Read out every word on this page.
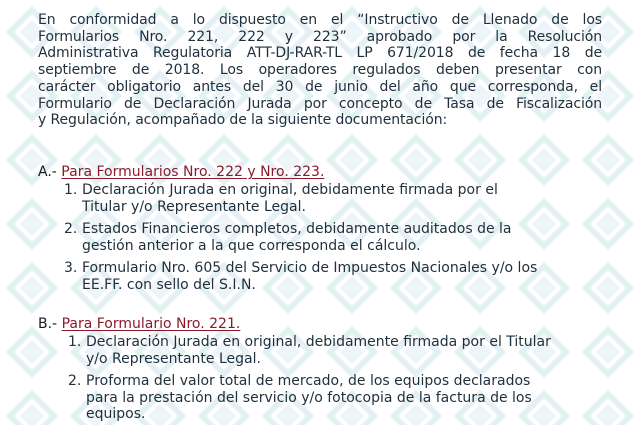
En conformidad a lo dispuesto en el “Instructivo de Llenado de los
Formularios Nro. 221, 222 y 223” aprobado por la Resolución
Administrativa Regulatoria ATT-DJ-RAR-TL LP 671/2018 de fecha 18 de
septiembre de 2018. Los operadores regulados deben presentar con
carácter obligatorio antes del 30 de junio del año que corresponda, el
Formulario de Declaración Jurada por concepto de Tasa de Fiscalización
y Regulación, acompañado de la siguiente documentación:

A.- Para Formularios Nro. 222 y Nro. 223.

1. Declaración Jurada en original, debidamente firmada por el
Titular y/o Representante Legal.
2. Estados Financieros completos, debidamente auditados de la
gestión anterior a la que corresponda el cálculo.
3. Formulario Nro. 605 del Servicio de Impuestos Nacionales y/o los
EE.FF. con sello del S.I.N.

B.- Para Formulario Nro. 221.

1. Declaración Jurada en original, debidamente firmada por el Titular
y/o Representante Legal.
2. Proforma del valor total de mercado, de los equipos declarados
para la prestación del servicio y/o fotocopia de la factura de los
equipos.
